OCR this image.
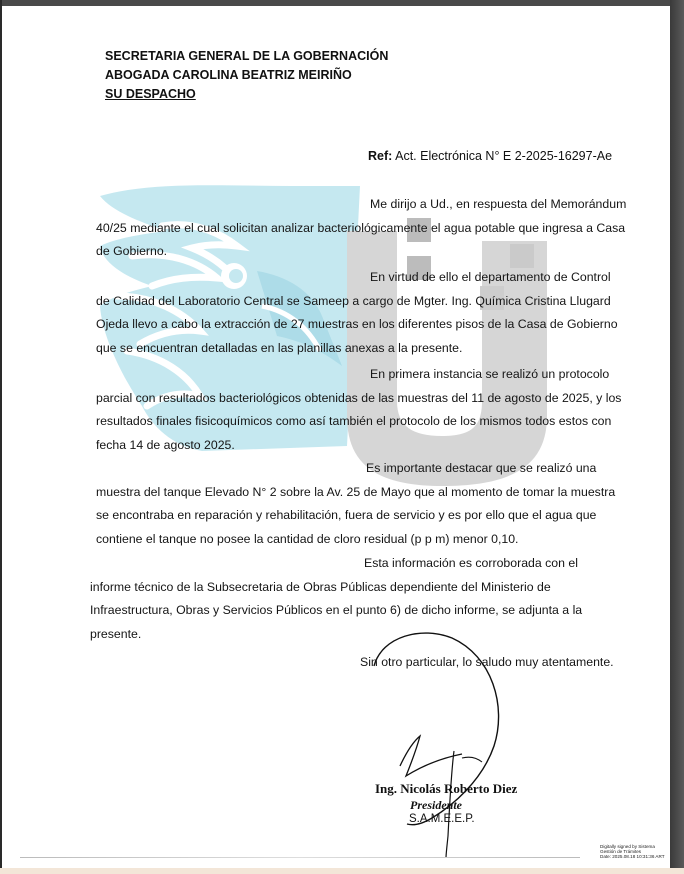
SECRETARIA GENERAL DE LA GOBERNACIÓN
ABOGADA CAROLINA BEATRIZ MEIRIÑO
SU DESPACHO
Ref: Act. Electrónica N° E 2-2025-16297-Ae
Me dirijo a Ud., en respuesta del Memorándum
40/25 mediante el cual solicitan analizar bacteriológicamente el agua potable que ingresa a Casa
de Gobierno.
En virtud de ello el departamento de Control
de Calidad del Laboratorio Central se Sameep a cargo de Mgter. Ing. Química Cristina Llugard
Ojeda llevo a cabo la extracción de 27 muestras en los diferentes pisos de la Casa de Gobierno
que se encuentran detalladas en las planillas anexas a la presente.
En primera instancia se realizó un protocolo
parcial con resultados bacteriológicos obtenidas de las muestras del 11 de agosto de 2025, y los
resultados finales fisicoquímicos como así también el protocolo de los mismos todos estos con
fecha 14 de agosto 2025.
Es importante destacar que se realizó una
muestra del tanque Elevado N° 2 sobre la Av. 25 de Mayo que al momento de tomar la muestra
se encontraba en reparación y rehabilitación, fuera de servicio y es por ello que el agua que
contiene el tanque no posee la cantidad de cloro residual (p p m) menor 0,10.
Esta información es corroborada con el
informe técnico de la Subsecretaria de Obras Públicas dependiente del Ministerio de
Infraestructura, Obras y Servicios Públicos en el punto 6) de dicho informe, se adjunta a la
presente.
Sin otro particular, lo saludo muy atentamente.
Ing. Nicolás Roberto Diez
Presidente
S.A.M.E.E.P.
Digitally signed by Sistema
Gestión de Trámites
Date: 2025.08.18 10:31:36 ART
